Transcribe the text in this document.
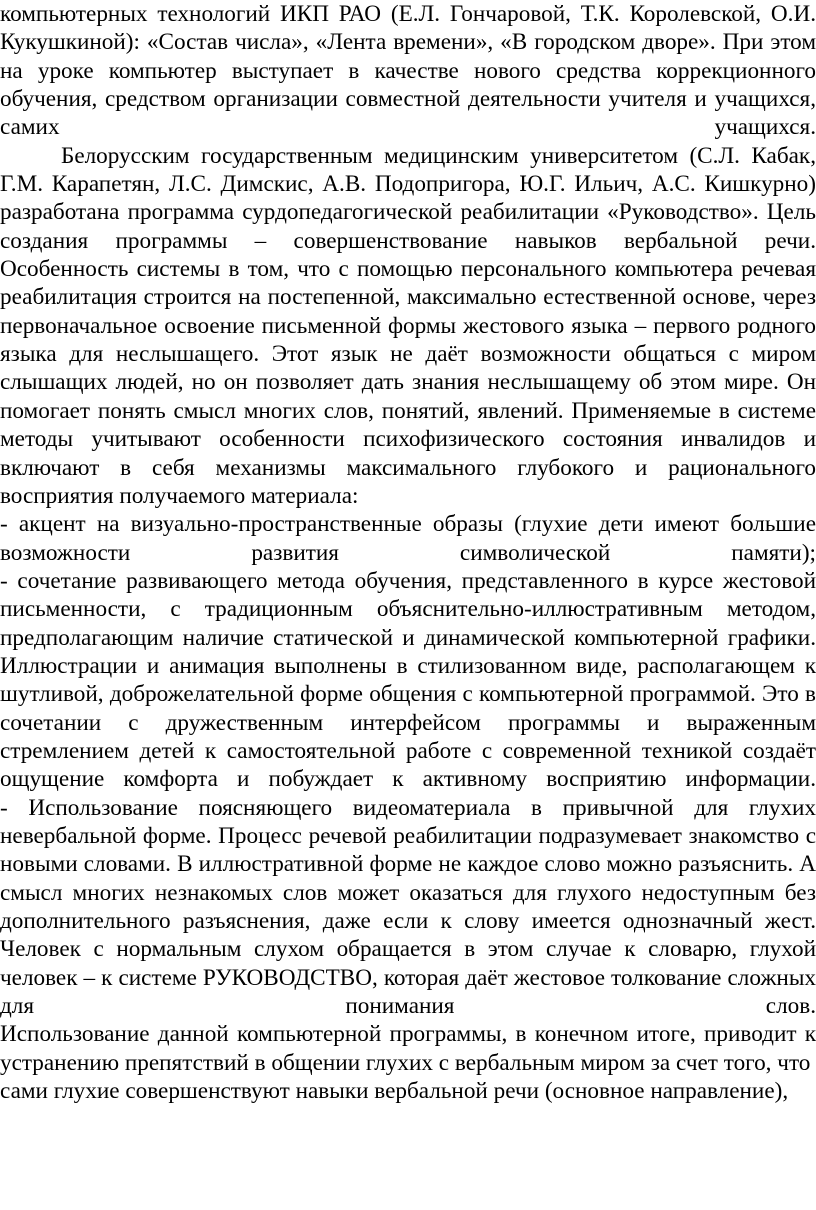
компьютерных технологий ИКП РАО (Е.Л. Гончаровой, Т.К. Королевской, О.И. Кукушкиной): «Состав числа», «Лента времени», «В городском дворе». При этом на уроке компьютер выступает в качестве нового средства коррекционного обучения, средством организации совместной деятельности учителя и учащихся, самих учащихся.

Белорусским государственным медицинским университетом (С.Л. Кабак, Г.М. Карапетян, Л.С. Димскис, А.В. Подопригора, Ю.Г. Ильич, А.С. Кишкурно) разработана программа сурдопедагогической реабилитации «Руководство». Цель создания программы – совершенствование навыков вербальной речи. Особенность системы в том, что с помощью персонального компьютера речевая реабилитация строится на постепенной, максимально естественной основе, через первоначальное освоение письменной формы жестового языка – первого родного языка для неслышащего. Этот язык не даёт возможности общаться с миром слышащих людей, но он позволяет дать знания неслышащему об этом мире. Он помогает понять смысл многих слов, понятий, явлений. Применяемые в системе методы учитывают особенности психофизического состояния инвалидов и включают в себя механизмы максимального глубокого и рационального восприятия получаемого материала:

- акцент на визуально-пространственные образы (глухие дети имеют большие возможности развития символической памяти);

- сочетание развивающего метода обучения, представленного в курсе жестовой письменности, с традиционным объяснительно-иллюстративным методом, предполагающим наличие статической и динамической компьютерной графики.

Иллюстрации и анимация выполнены в стилизованном виде, располагающем к шутливой, доброжелательной форме общения с компьютерной программой. Это в сочетании с дружественным интерфейсом программы и выраженным стремлением детей к самостоятельной работе с современной техникой создаёт ощущение комфорта и побуждает к активному восприятию информации.

- Использование поясняющего видеоматериала в привычной для глухих невербальной форме. Процесс речевой реабилитации подразумевает знакомство с новыми словами. В иллюстративной форме не каждое слово можно разъяснить. А смысл многих незнакомых слов может оказаться для глухого недоступным без дополнительного разъяснения, даже если к слову имеется однозначный жест. Человек с нормальным слухом обращается в этом случае к словарю, глухой человек – к системе РУКОВОДСТВО, которая даёт жестовое толкование сложных для понимания слов.

Использование данной компьютерной программы, в конечном итоге, приводит к устранению препятствий в общении глухих с вербальным миром за счет того, что

сами глухие совершенствуют навыки вербальной речи (основное направление),
